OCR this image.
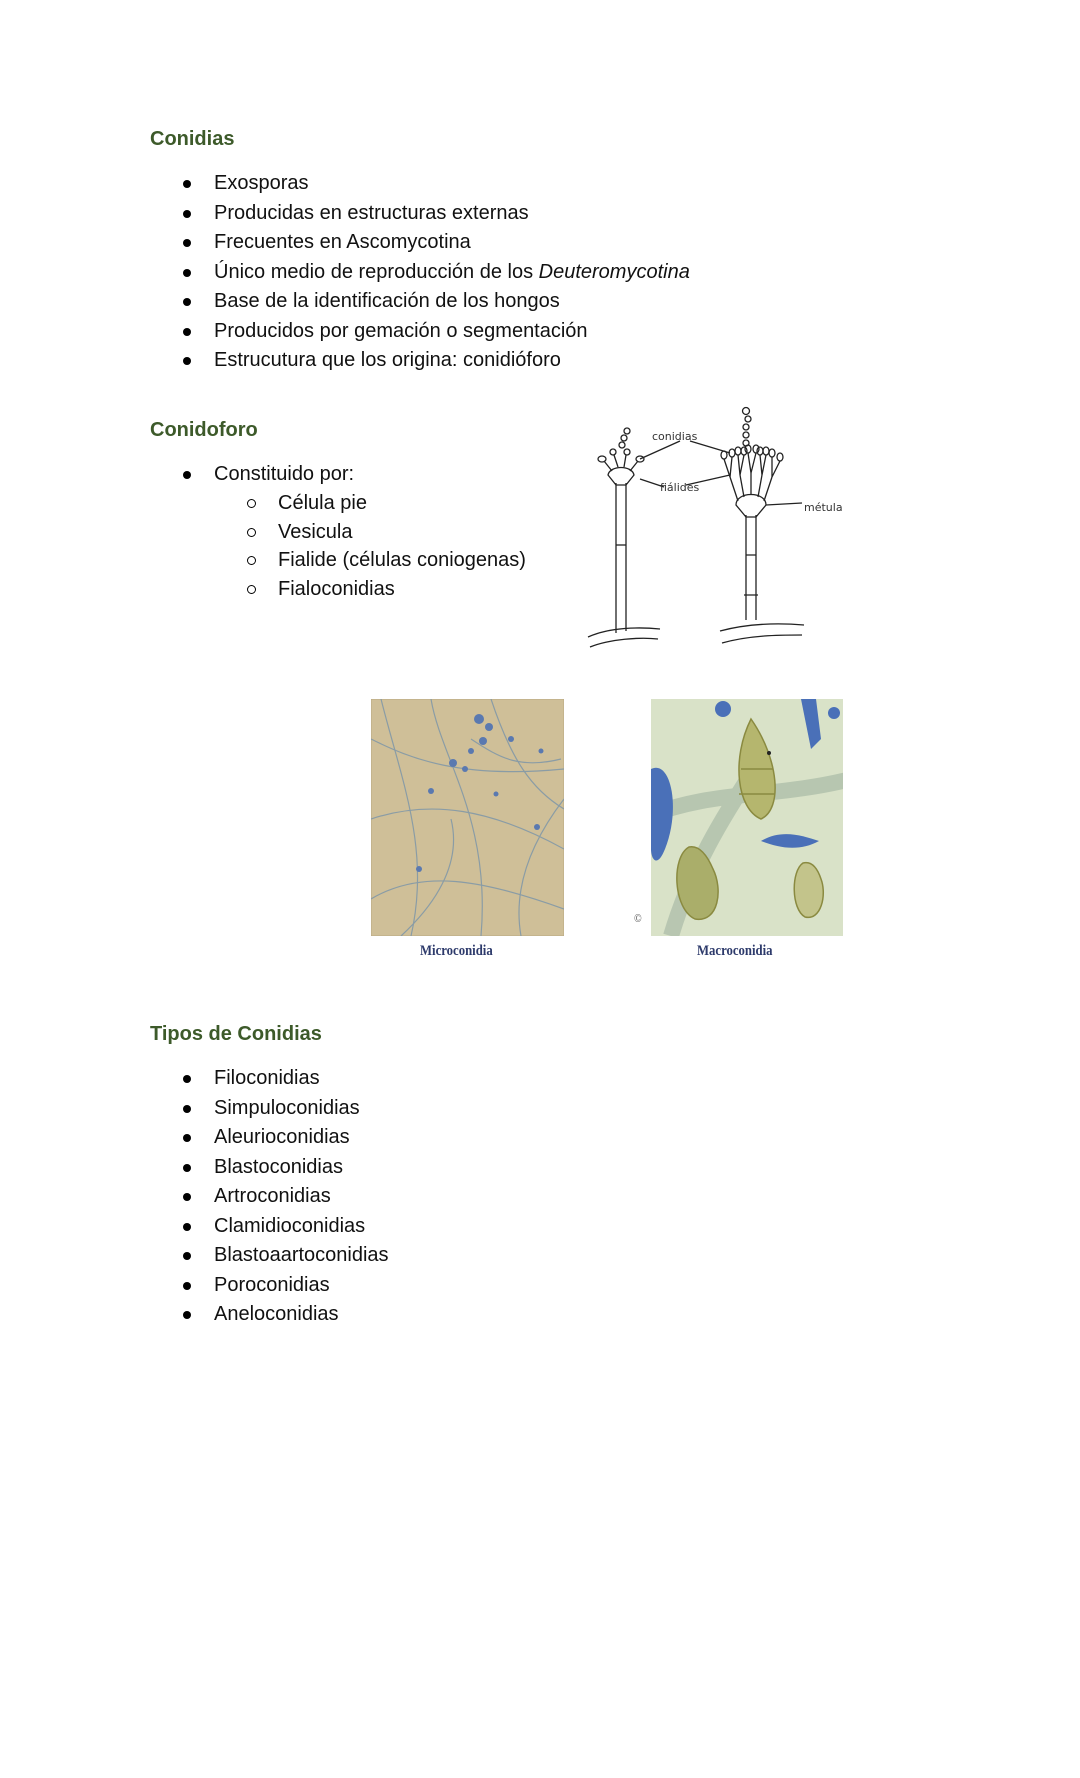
Conidias
Exosporas
Producidas en estructuras externas
Frecuentes en Ascomycotina
Único medio de reproducción de los Deuteromycotina
Base de la identificación de los hongos
Producidos por gemación o segmentación
Estrucutura que los origina: conidióforo
Conidoforo
Constituido por:
Célula pie
Vesicula
Fialide (células coniogenas)
Fialoconidias
conidias
fiálides
métula
Microconidia
©
Macroconidia
Tipos de Conidias
Filoconidias
Simpuloconidias
Aleurioconidias
Blastoconidias
Artroconidias
Clamidioconidias
Blastoaartoconidias
Poroconidias
Aneloconidias
